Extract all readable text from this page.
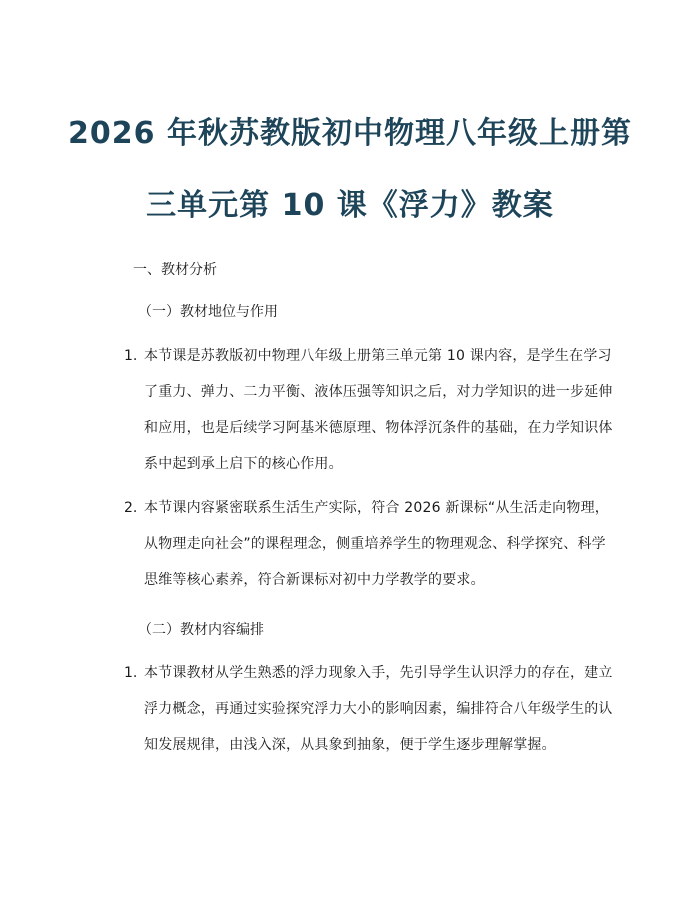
2026 年秋苏教版初中物理八年级上册第
三单元第 10 课《浮力》教案
一、教材分析
（一）教材地位与作用
1. 本节课是苏教版初中物理八年级上册第三单元第 10 课内容，是学生在学习
了重力、弹力、二力平衡、液体压强等知识之后，对力学知识的进一步延伸
和应用，也是后续学习阿基米德原理、物体浮沉条件的基础，在力学知识体
系中起到承上启下的核心作用。
2. 本节课内容紧密联系生活生产实际，符合 2026 新课标“从生活走向物理，
从物理走向社会”的课程理念，侧重培养学生的物理观念、科学探究、科学
思维等核心素养，符合新课标对初中力学教学的要求。
（二）教材内容编排
1. 本节课教材从学生熟悉的浮力现象入手，先引导学生认识浮力的存在，建立
浮力概念，再通过实验探究浮力大小的影响因素，编排符合八年级学生的认
知发展规律，由浅入深，从具象到抽象，便于学生逐步理解掌握。
